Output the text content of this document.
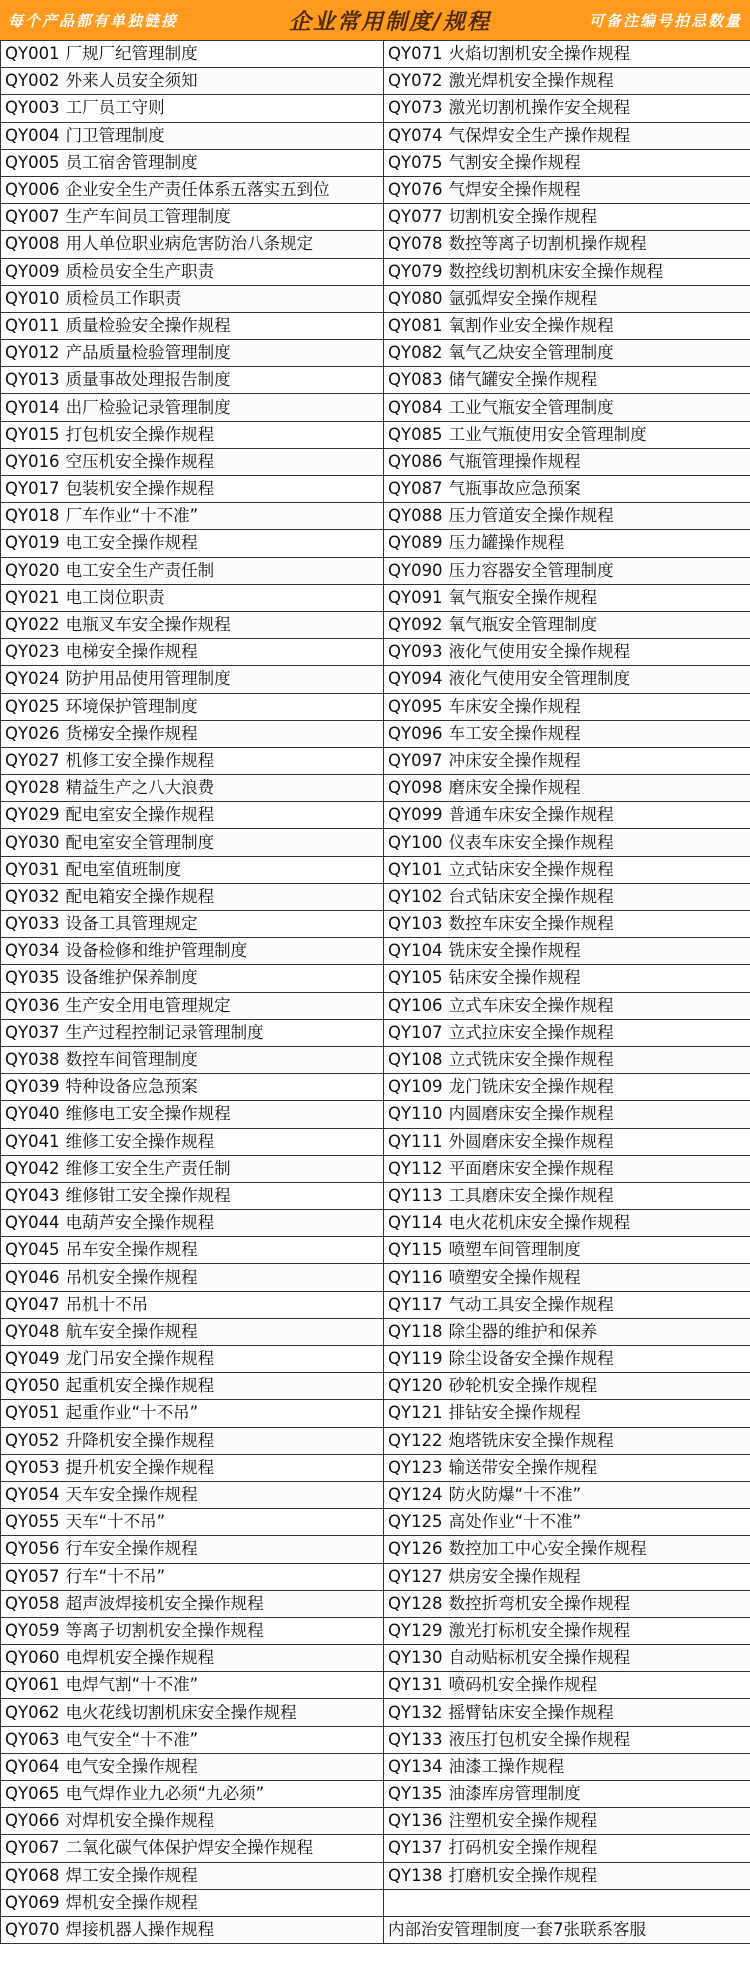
每个产品都有单独链接	企业常用制度/规程	可备注编号拍忌数量
QY001 厂规厂纪管理制度	QY071 火焰切割机安全操作规程
QY002 外来人员安全须知	QY072 激光焊机安全操作规程
QY003 工厂员工守则	QY073 激光切割机操作安全规程
QY004 门卫管理制度	QY074 气保焊安全生产操作规程
QY005 员工宿舍管理制度	QY075 气割安全操作规程
QY006 企业安全生产责任体系五落实五到位	QY076 气焊安全操作规程
QY007 生产车间员工管理制度	QY077 切割机安全操作规程
QY008 用人单位职业病危害防治八条规定	QY078 数控等离子切割机操作规程
QY009 质检员安全生产职责	QY079 数控线切割机床安全操作规程
QY010 质检员工作职责	QY080 氩弧焊安全操作规程
QY011 质量检验安全操作规程	QY081 氧割作业安全操作规程
QY012 产品质量检验管理制度	QY082 氧气乙炔安全管理制度
QY013 质量事故处理报告制度	QY083 储气罐安全操作规程
QY014 出厂检验记录管理制度	QY084 工业气瓶安全管理制度
QY015 打包机安全操作规程	QY085 工业气瓶使用安全管理制度
QY016 空压机安全操作规程	QY086 气瓶管理操作规程
QY017 包装机安全操作规程	QY087 气瓶事故应急预案
QY018 厂车作业“十不准”	QY088 压力管道安全操作规程
QY019 电工安全操作规程	QY089 压力罐操作规程
QY020 电工安全生产责任制	QY090 压力容器安全管理制度
QY021 电工岗位职责	QY091 氧气瓶安全操作规程
QY022 电瓶叉车安全操作规程	QY092 氧气瓶安全管理制度
QY023 电梯安全操作规程	QY093 液化气使用安全操作规程
QY024 防护用品使用管理制度	QY094 液化气使用安全管理制度
QY025 环境保护管理制度	QY095 车床安全操作规程
QY026 货梯安全操作规程	QY096 车工安全操作规程
QY027 机修工安全操作规程	QY097 冲床安全操作规程
QY028 精益生产之八大浪费	QY098 磨床安全操作规程
QY029 配电室安全操作规程	QY099 普通车床安全操作规程
QY030 配电室安全管理制度	QY100 仪表车床安全操作规程
QY031 配电室值班制度	QY101 立式钻床安全操作规程
QY032 配电箱安全操作规程	QY102 台式钻床安全操作规程
QY033 设备工具管理规定	QY103 数控车床安全操作规程
QY034 设备检修和维护管理制度	QY104 铣床安全操作规程
QY035 设备维护保养制度	QY105 钻床安全操作规程
QY036 生产安全用电管理规定	QY106 立式车床安全操作规程
QY037 生产过程控制记录管理制度	QY107 立式拉床安全操作规程
QY038 数控车间管理制度	QY108 立式铣床安全操作规程
QY039 特种设备应急预案	QY109 龙门铣床安全操作规程
QY040 维修电工安全操作规程	QY110 内圆磨床安全操作规程
QY041 维修工安全操作规程	QY111 外圆磨床安全操作规程
QY042 维修工安全生产责任制	QY112 平面磨床安全操作规程
QY043 维修钳工安全操作规程	QY113 工具磨床安全操作规程
QY044 电葫芦安全操作规程	QY114 电火花机床安全操作规程
QY045 吊车安全操作规程	QY115 喷塑车间管理制度
QY046 吊机安全操作规程	QY116 喷塑安全操作规程
QY047 吊机十不吊	QY117 气动工具安全操作规程
QY048 航车安全操作规程	QY118 除尘器的维护和保养
QY049 龙门吊安全操作规程	QY119 除尘设备安全操作规程
QY050 起重机安全操作规程	QY120 砂轮机安全操作规程
QY051 起重作业“十不吊”	QY121 排钻安全操作规程
QY052 升降机安全操作规程	QY122 炮塔铣床安全操作规程
QY053 提升机安全操作规程	QY123 输送带安全操作规程
QY054 天车安全操作规程	QY124 防火防爆“十不准”
QY055 天车“十不吊”	QY125 高处作业“十不准”
QY056 行车安全操作规程	QY126 数控加工中心安全操作规程
QY057 行车“十不吊”	QY127 烘房安全操作规程
QY058 超声波焊接机安全操作规程	QY128 数控折弯机安全操作规程
QY059 等离子切割机安全操作规程	QY129 激光打标机安全操作规程
QY060 电焊机安全操作规程	QY130 自动贴标机安全操作规程
QY061 电焊气割“十不准”	QY131 喷码机安全操作规程
QY062 电火花线切割机床安全操作规程	QY132 摇臂钻床安全操作规程
QY063 电气安全“十不准”	QY133 液压打包机安全操作规程
QY064 电气安全操作规程	QY134 油漆工操作规程
QY065 电气焊作业九必须“九必须”	QY135 油漆库房管理制度
QY066 对焊机安全操作规程	QY136 注塑机安全操作规程
QY067 二氧化碳气体保护焊安全操作规程	QY137 打码机安全操作规程
QY068 焊工安全操作规程	QY138 打磨机安全操作规程
QY069 焊机安全操作规程	
QY070 焊接机器人操作规程	内部治安管理制度一套7张联系客服
